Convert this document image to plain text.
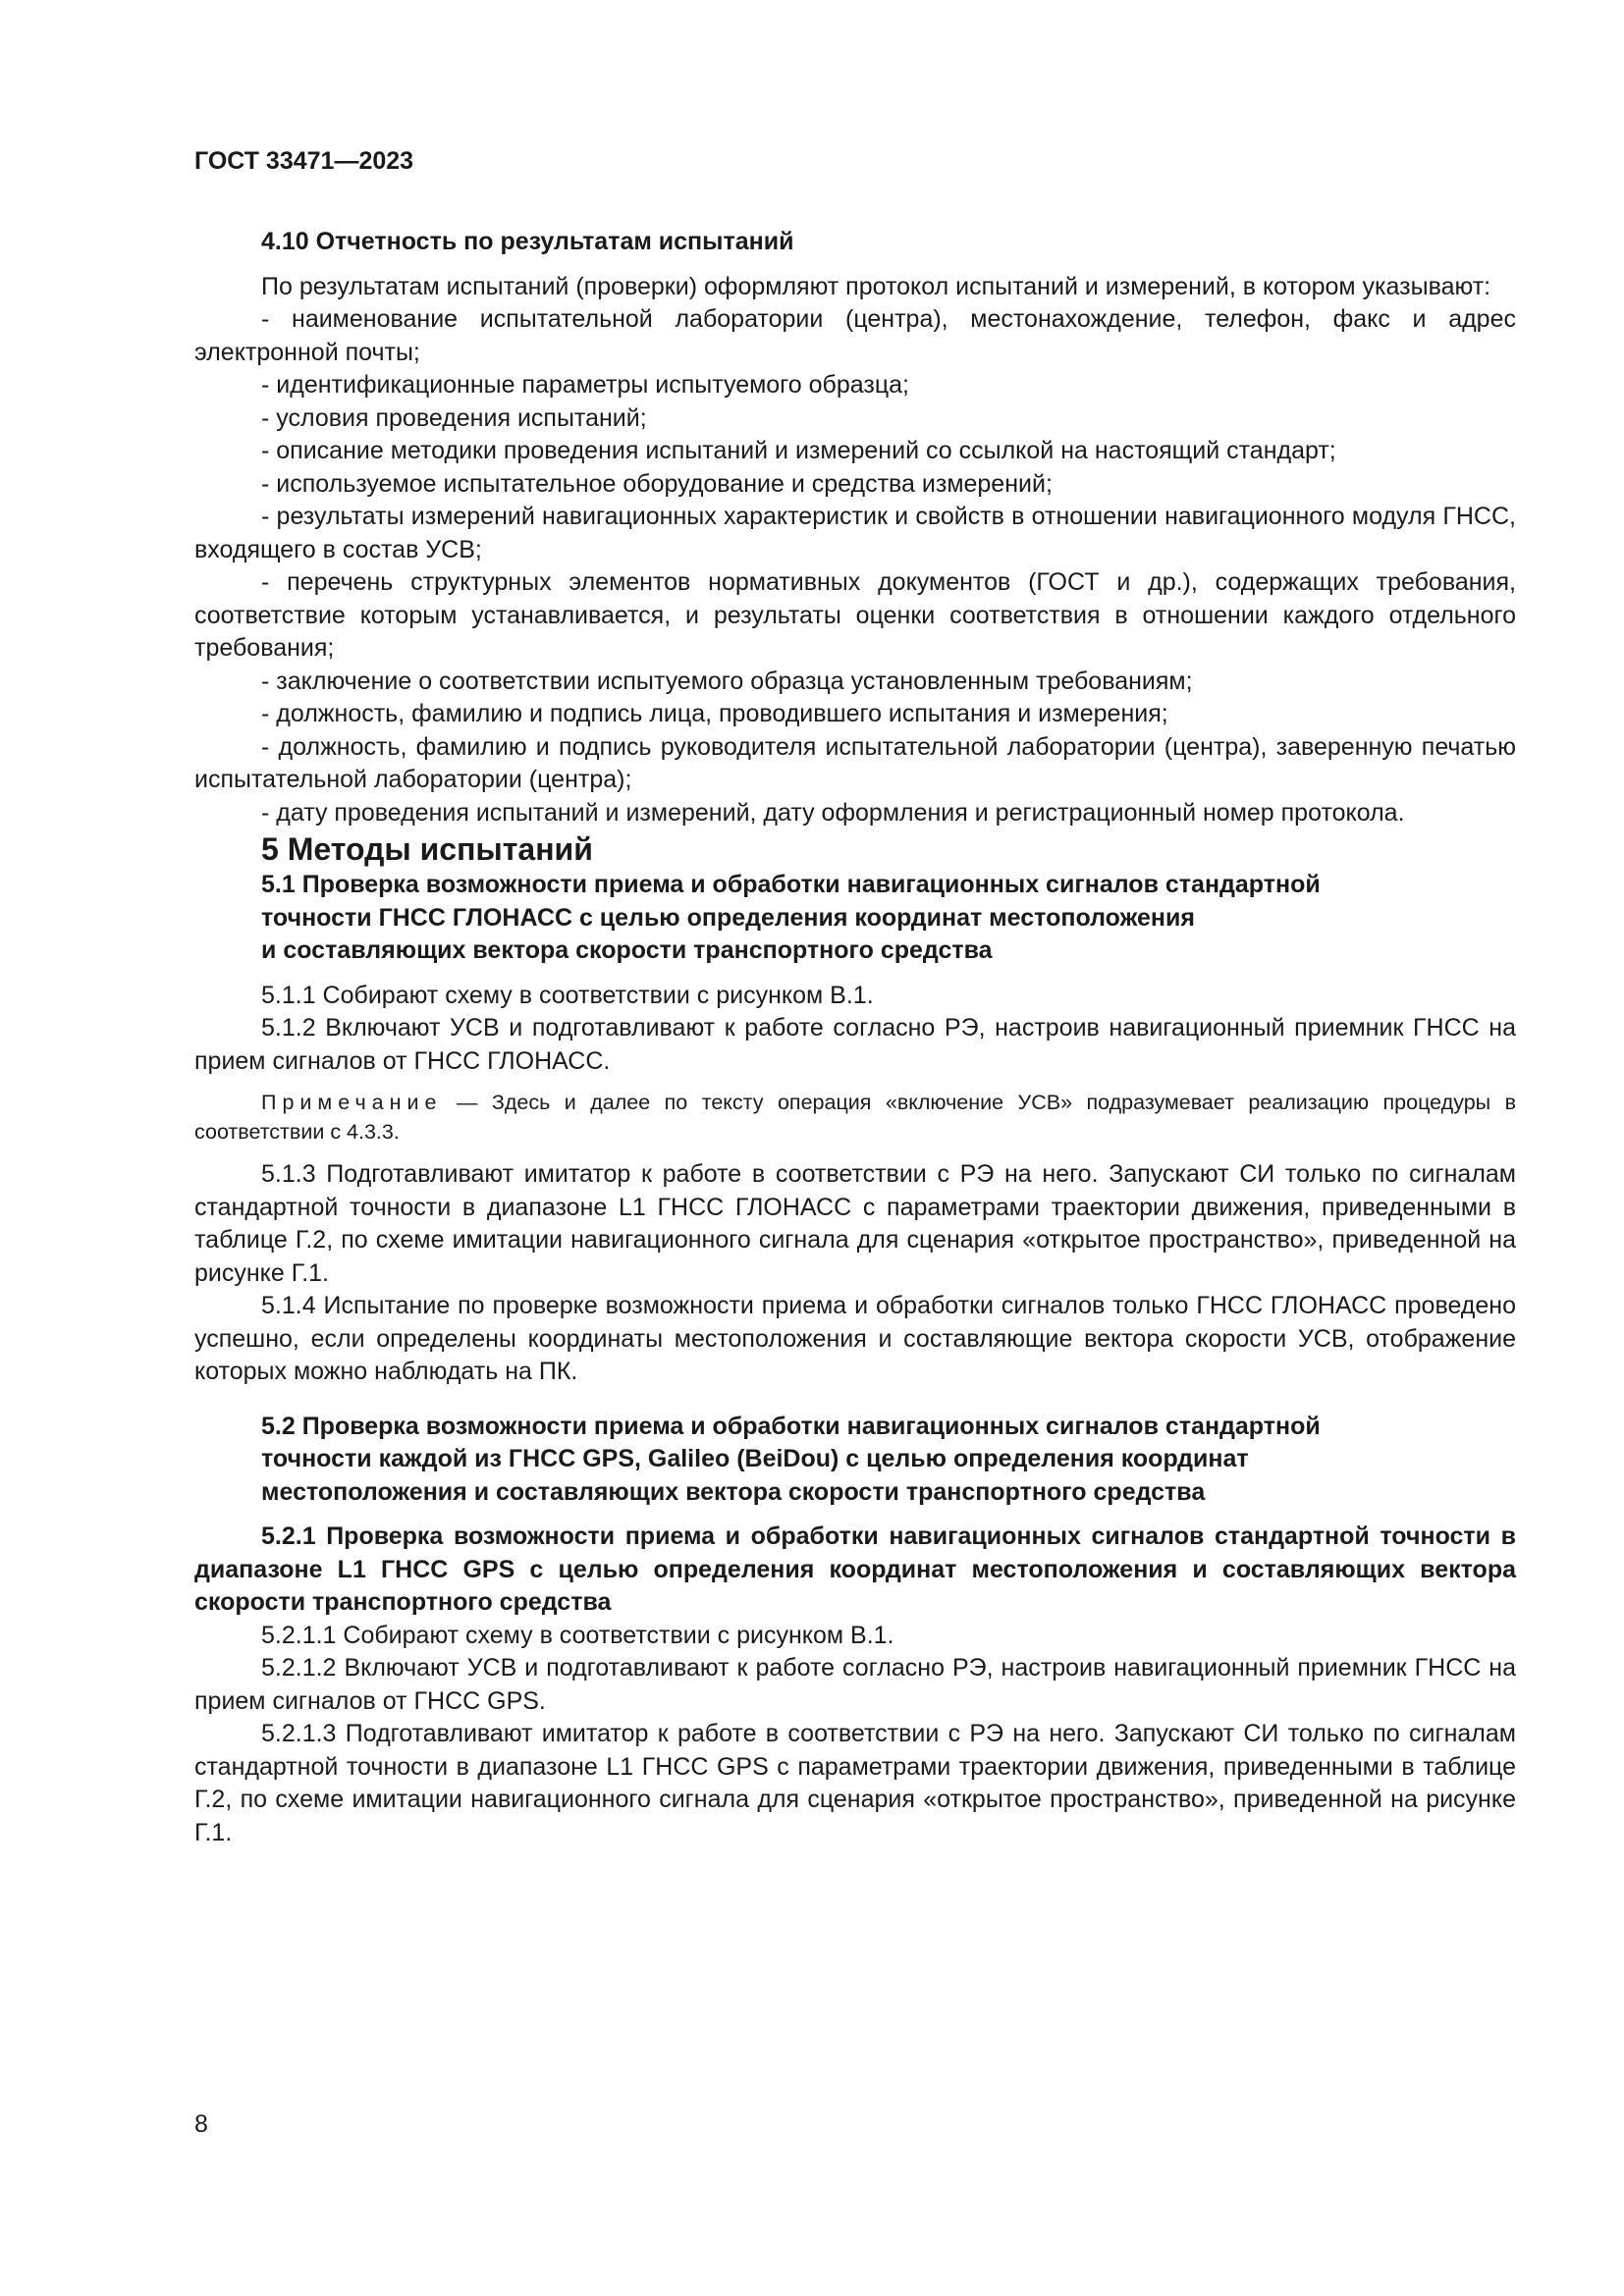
ГОСТ 33471—2023

4.10 Отчетность по результатам испытаний

По результатам испытаний (проверки) оформляют протокол испытаний и измерений, в котором указывают:

- наименование испытательной лаборатории (центра), местонахождение, телефон, факс и адрес электронной почты;

- идентификационные параметры испытуемого образца;

- условия проведения испытаний;

- описание методики проведения испытаний и измерений со ссылкой на настоящий стандарт;

- используемое испытательное оборудование и средства измерений;

- результаты измерений навигационных характеристик и свойств в отношении навигационного модуля ГНСС, входящего в состав УСВ;

- перечень структурных элементов нормативных документов (ГОСТ и др.), содержащих требования, соответствие которым устанавливается, и результаты оценки соответствия в отношении каждого отдельного требования;

- заключение о соответствии испытуемого образца установленным требованиям;

- должность, фамилию и подпись лица, проводившего испытания и измерения;

- должность, фамилию и подпись руководителя испытательной лаборатории (центра), заверенную печатью испытательной лаборатории (центра);

- дату проведения испытаний и измерений, дату оформления и регистрационный номер протокола.

5 Методы испытаний

5.1 Проверка возможности приема и обработки навигационных сигналов стандартной
точности ГНСС ГЛОНАСС с целью определения координат местоположения
и составляющих вектора скорости транспортного средства

5.1.1 Собирают схему в соответствии с рисунком В.1.

5.1.2 Включают УСВ и подготавливают к работе согласно РЭ, настроив навигационный приемник ГНСС на прием сигналов от ГНСС ГЛОНАСС.

Примечание — Здесь и далее по тексту операция «включение УСВ» подразумевает реализацию процедуры в соответствии с 4.3.3.

5.1.3 Подготавливают имитатор к работе в соответствии с РЭ на него. Запускают СИ только по сигналам стандартной точности в диапазоне L1 ГНСС ГЛОНАСС с параметрами траектории движения, приведенными в таблице Г.2, по схеме имитации навигационного сигнала для сценария «открытое пространство», приведенной на рисунке Г.1.

5.1.4 Испытание по проверке возможности приема и обработки сигналов только ГНСС ГЛОНАСС проведено успешно, если определены координаты местоположения и составляющие вектора скорости УСВ, отображение которых можно наблюдать на ПК.

5.2 Проверка возможности приема и обработки навигационных сигналов стандартной
точности каждой из ГНСС GPS, Galileo (BeiDou) с целью определения координат
местоположения и составляющих вектора скорости транспортного средства

5.2.1 Проверка возможности приема и обработки навигационных сигналов стандартной точности в диапазоне L1 ГНСС GPS с целью определения координат местоположения и составляющих вектора скорости транспортного средства

5.2.1.1 Собирают схему в соответствии с рисунком В.1.

5.2.1.2 Включают УСВ и подготавливают к работе согласно РЭ, настроив навигационный приемник ГНСС на прием сигналов от ГНСС GPS.

5.2.1.3 Подготавливают имитатор к работе в соответствии с РЭ на него. Запускают СИ только по сигналам стандартной точности в диапазоне L1 ГНСС GPS с параметрами траектории движения, приведенными в таблице Г.2, по схеме имитации навигационного сигнала для сценария «открытое пространство», приведенной на рисунке Г.1.

8
